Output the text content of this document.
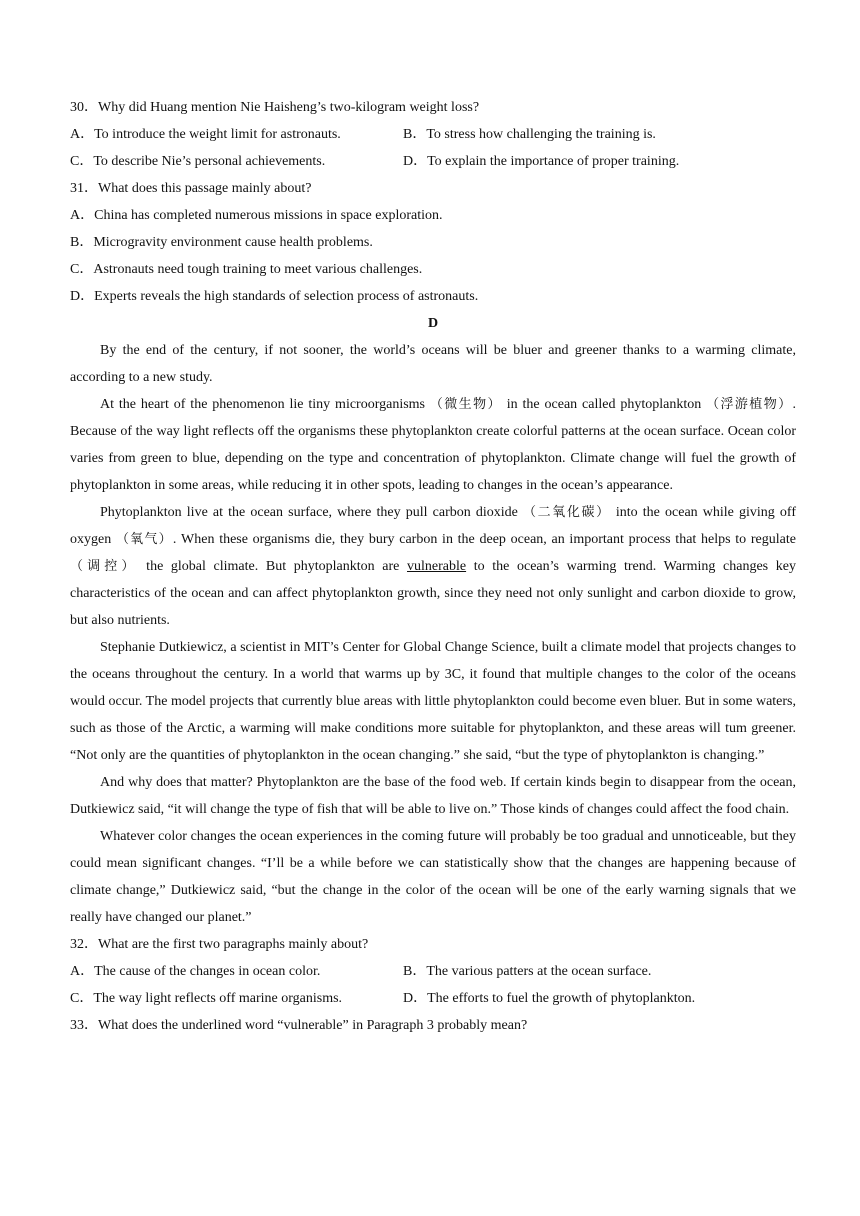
30．Why did Huang mention Nie Haisheng’s two-kilogram weight loss?
A．To introduce the weight limit for astronauts.	B．To stress how challenging the training is.
C．To describe Nie’s personal achievements.	D．To explain the importance of proper training.
31．What does this passage mainly about?
A．China has completed numerous missions in space exploration.
B．Microgravity environment cause health problems.
C．Astronauts need tough training to meet various challenges.
D．Experts reveals the high standards of selection process of astronauts.
D

By the end of the century, if not sooner, the world’s oceans will be bluer and greener thanks to a warming climate, according to a new study.

At the heart of the phenomenon lie tiny microorganisms （微生物） in the ocean called phytoplankton （浮游植物）. Because of the way light reflects off the organisms these phytoplankton create colorful patterns at the ocean surface. Ocean color varies from green to blue, depending on the type and concentration of phytoplankton. Climate change will fuel the growth of phytoplankton in some areas, while reducing it in other spots, leading to changes in the ocean’s appearance.

Phytoplankton live at the ocean surface, where they pull carbon dioxide （二氧化碳） into the ocean while giving off oxygen （氧气）. When these organisms die, they bury carbon in the deep ocean, an important process that helps to regulate （调控） the global climate. But phytoplankton are vulnerable to the ocean’s warming trend. Warming changes key characteristics of the ocean and can affect phytoplankton growth, since they need not only sunlight and carbon dioxide to grow, but also nutrients.

Stephanie Dutkiewicz, a scientist in MIT’s Center for Global Change Science, built a climate model that projects changes to the oceans throughout the century. In a world that warms up by 3C, it found that multiple changes to the color of the oceans would occur. The model projects that currently blue areas with little phytoplankton could become even bluer. But in some waters, such as those of the Arctic, a warming will make conditions more suitable for phytoplankton, and these areas will tum greener. “Not only are the quantities of phytoplankton in the ocean changing.” she said, “but the type of phytoplankton is changing.”

And why does that matter? Phytoplankton are the base of the food web. If certain kinds begin to disappear from the ocean, Dutkiewicz said, “it will change the type of fish that will be able to live on.” Those kinds of changes could affect the food chain.

Whatever color changes the ocean experiences in the coming future will probably be too gradual and unnoticeable, but they could mean significant changes. “I’ll be a while before we can statistically show that the changes are happening because of climate change,” Dutkiewicz said, “but the change in the color of the ocean will be one of the early warning signals that we really have changed our planet.”

32．What are the first two paragraphs mainly about?
A．The cause of the changes in ocean color.	B．The various patters at the ocean surface.
C．The way light reflects off marine organisms.	D．The efforts to fuel the growth of phytoplankton.
33．What does the underlined word “vulnerable” in Paragraph 3 probably mean?
